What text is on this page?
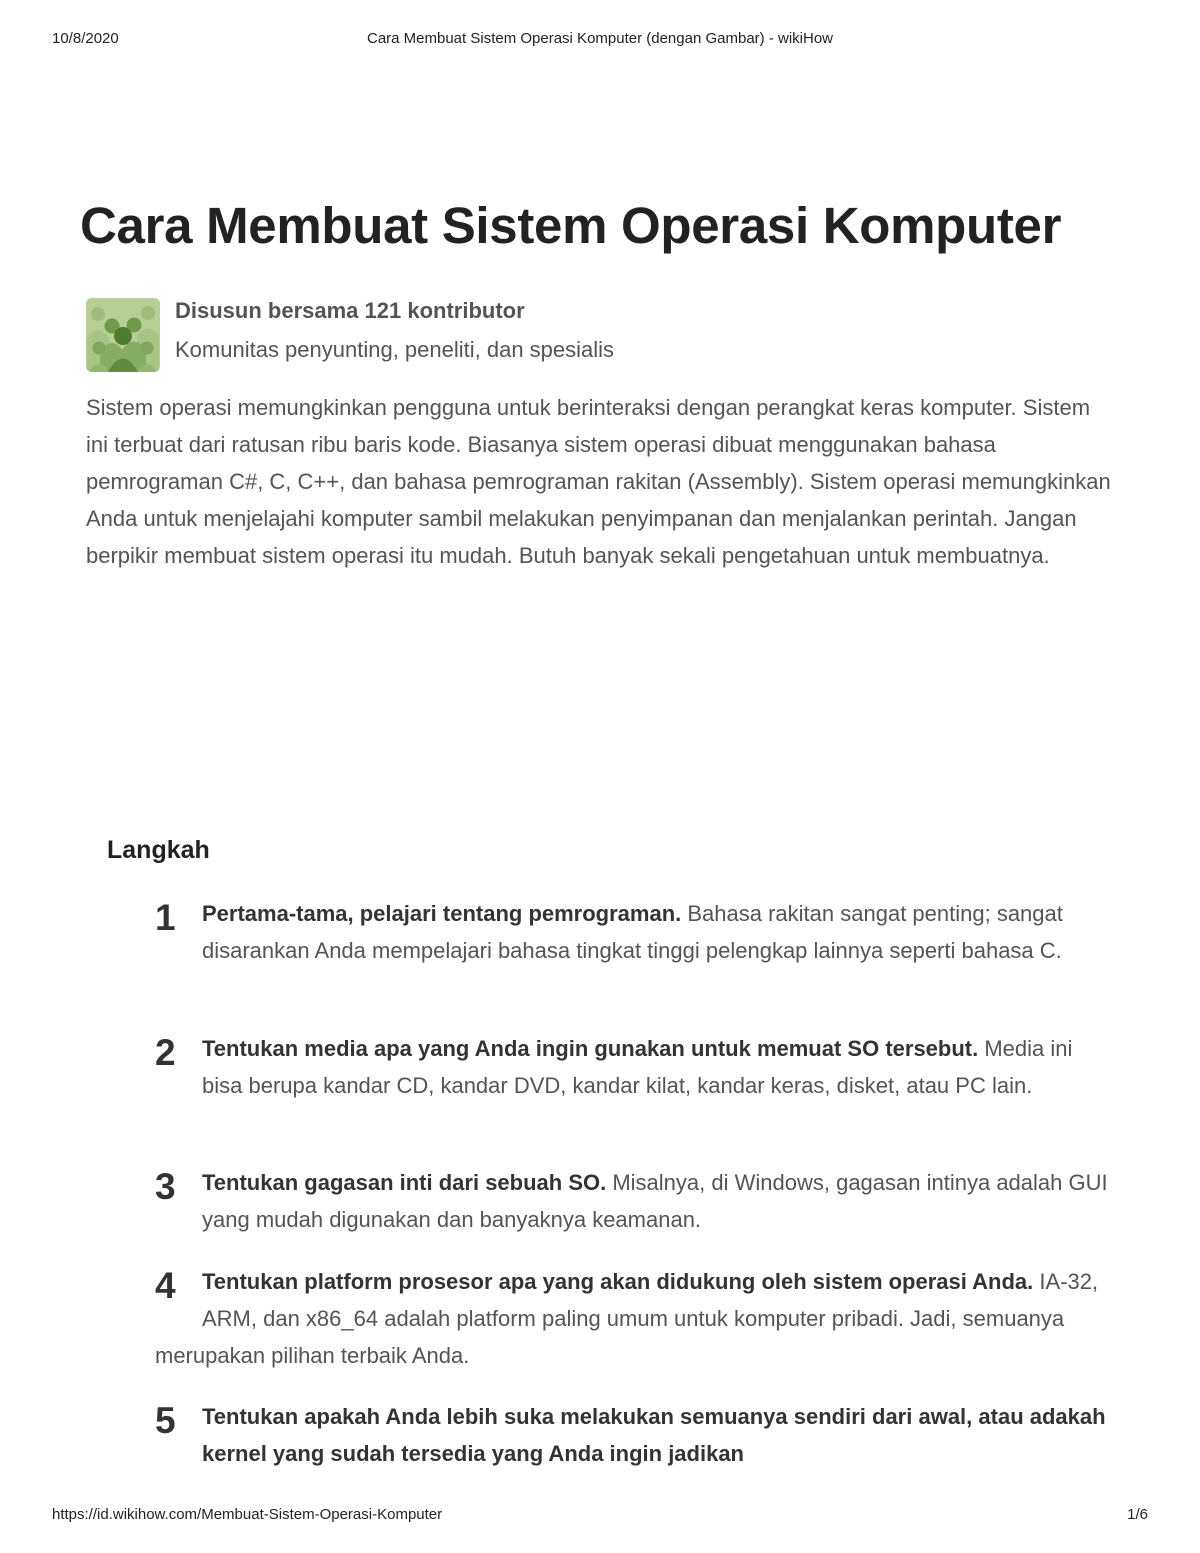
10/8/2020	Cara Membuat Sistem Operasi Komputer (dengan Gambar) - wikiHow
Cara Membuat Sistem Operasi Komputer
Disusun bersama 121 kontributor
Komunitas penyunting, peneliti, dan spesialis

Sistem operasi memungkinkan pengguna untuk berinteraksi dengan perangkat keras komputer. Sistem ini terbuat dari ratusan ribu baris kode. Biasanya sistem operasi dibuat menggunakan bahasa pemrograman C#, C, C++, dan bahasa pemrograman rakitan (Assembly). Sistem operasi memungkinkan Anda untuk menjelajahi komputer sambil melakukan penyimpanan dan menjalankan perintah. Jangan berpikir membuat sistem operasi itu mudah. Butuh banyak sekali pengetahuan untuk membuatnya.

Langkah

1	Pertama-tama, pelajari tentang pemrograman. Bahasa rakitan sangat penting; sangat disarankan Anda mempelajari bahasa tingkat tinggi pelengkap lainnya seperti bahasa C.

2	Tentukan media apa yang Anda ingin gunakan untuk memuat SO tersebut. Media ini bisa berupa kandar CD, kandar DVD, kandar kilat, kandar keras, disket, atau PC lain.

3	Tentukan gagasan inti dari sebuah SO. Misalnya, di Windows, gagasan intinya adalah GUI yang mudah digunakan dan banyaknya keamanan.

4	Tentukan platform prosesor apa yang akan didukung oleh sistem operasi Anda. IA-32, ARM, dan x86_64 adalah platform paling umum untuk komputer pribadi. Jadi, semuanya merupakan pilihan terbaik Anda.

5	Tentukan apakah Anda lebih suka melakukan semuanya sendiri dari awal, atau adakah kernel yang sudah tersedia yang Anda ingin jadikan

https://id.wikihow.com/Membuat-Sistem-Operasi-Komputer	1/6
